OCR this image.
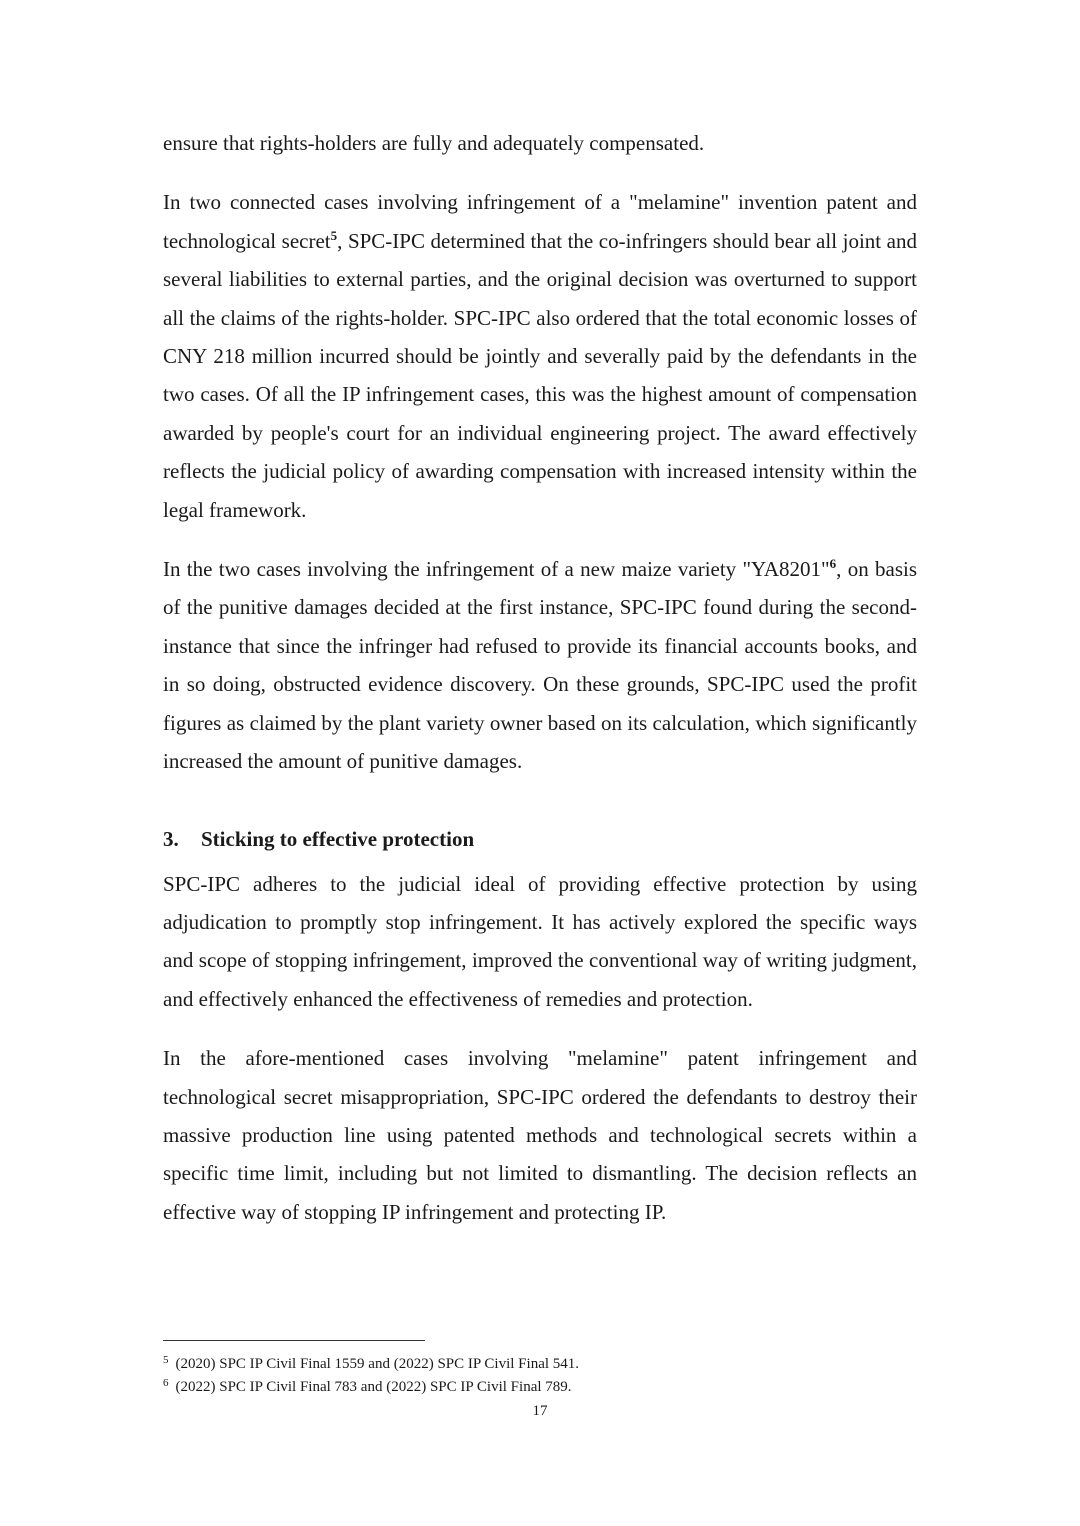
ensure that rights-holders are fully and adequately compensated.

In two connected cases involving infringement of a "melamine" invention patent and technological secret$^5$, SPC-IPC determined that the co-infringers should bear all joint and several liabilities to external parties, and the original decision was overturned to support all the claims of the rights-holder. SPC-IPC also ordered that the total economic losses of CNY 218 million incurred should be jointly and severally paid by the defendants in the two cases. Of all the IP infringement cases, this was the highest amount of compensation awarded by people's court for an individual engineering project. The award effectively reflects the judicial policy of awarding compensation with increased intensity within the legal framework.

In the two cases involving the infringement of a new maize variety "YA8201"$^6$, on basis of the punitive damages decided at the first instance, SPC-IPC found during the second-instance that since the infringer had refused to provide its financial accounts books, and in so doing, obstructed evidence discovery. On these grounds, SPC-IPC used the profit figures as claimed by the plant variety owner based on its calculation, which significantly increased the amount of punitive damages.

3. Sticking to effective protection

SPC-IPC adheres to the judicial ideal of providing effective protection by using adjudication to promptly stop infringement. It has actively explored the specific ways and scope of stopping infringement, improved the conventional way of writing judgment, and effectively enhanced the effectiveness of remedies and protection.

In the afore-mentioned cases involving "melamine" patent infringement and technological secret misappropriation, SPC-IPC ordered the defendants to destroy their massive production line using patented methods and technological secrets within a specific time limit, including but not limited to dismantling. The decision reflects an effective way of stopping IP infringement and protecting IP.

$^5$ (2020) SPC IP Civil Final 1559 and (2022) SPC IP Civil Final 541.
$^6$ (2022) SPC IP Civil Final 783 and (2022) SPC IP Civil Final 789.
17
